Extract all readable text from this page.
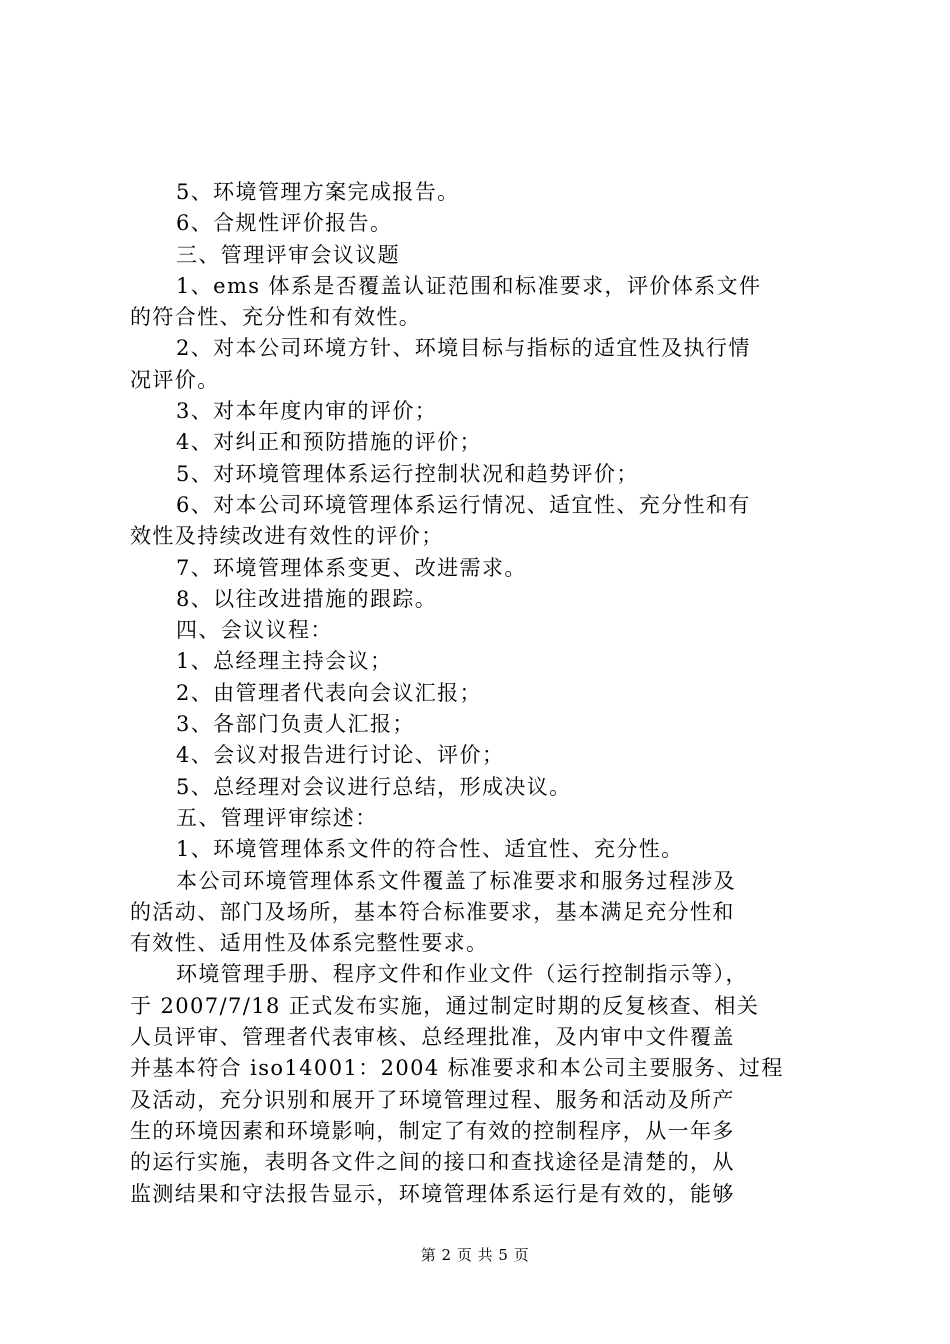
5、环境管理方案完成报告。
6、合规性评价报告。
三、管理评审会议议题
1、ems 体系是否覆盖认证范围和标准要求，评价体系文件
的符合性、充分性和有效性。
2、对本公司环境方针、环境目标与指标的适宜性及执行情
况评价。
3、对本年度内审的评价；
4、对纠正和预防措施的评价；
5、对环境管理体系运行控制状况和趋势评价；
6、对本公司环境管理体系运行情况、适宜性、充分性和有
效性及持续改进有效性的评价；
7、环境管理体系变更、改进需求。
8、以往改进措施的跟踪。
四、会议议程：
1、总经理主持会议；
2、由管理者代表向会议汇报；
3、各部门负责人汇报；
4、会议对报告进行讨论、评价；
5、总经理对会议进行总结，形成决议。
五、管理评审综述：
1、环境管理体系文件的符合性、适宜性、充分性。
本公司环境管理体系文件覆盖了标准要求和服务过程涉及
的活动、部门及场所，基本符合标准要求，基本满足充分性和
有效性、适用性及体系完整性要求。
环境管理手册、程序文件和作业文件（运行控制指示等），
于 2007/7/18 正式发布实施，通过制定时期的反复核查、相关
人员评审、管理者代表审核、总经理批准，及内审中文件覆盖
并基本符合 iso14001：2004 标准要求和本公司主要服务、过程
及活动，充分识别和展开了环境管理过程、服务和活动及所产
生的环境因素和环境影响，制定了有效的控制程序，从一年多
的运行实施，表明各文件之间的接口和查找途径是清楚的，从
监测结果和守法报告显示，环境管理体系运行是有效的，能够
第 2 页 共 5 页
